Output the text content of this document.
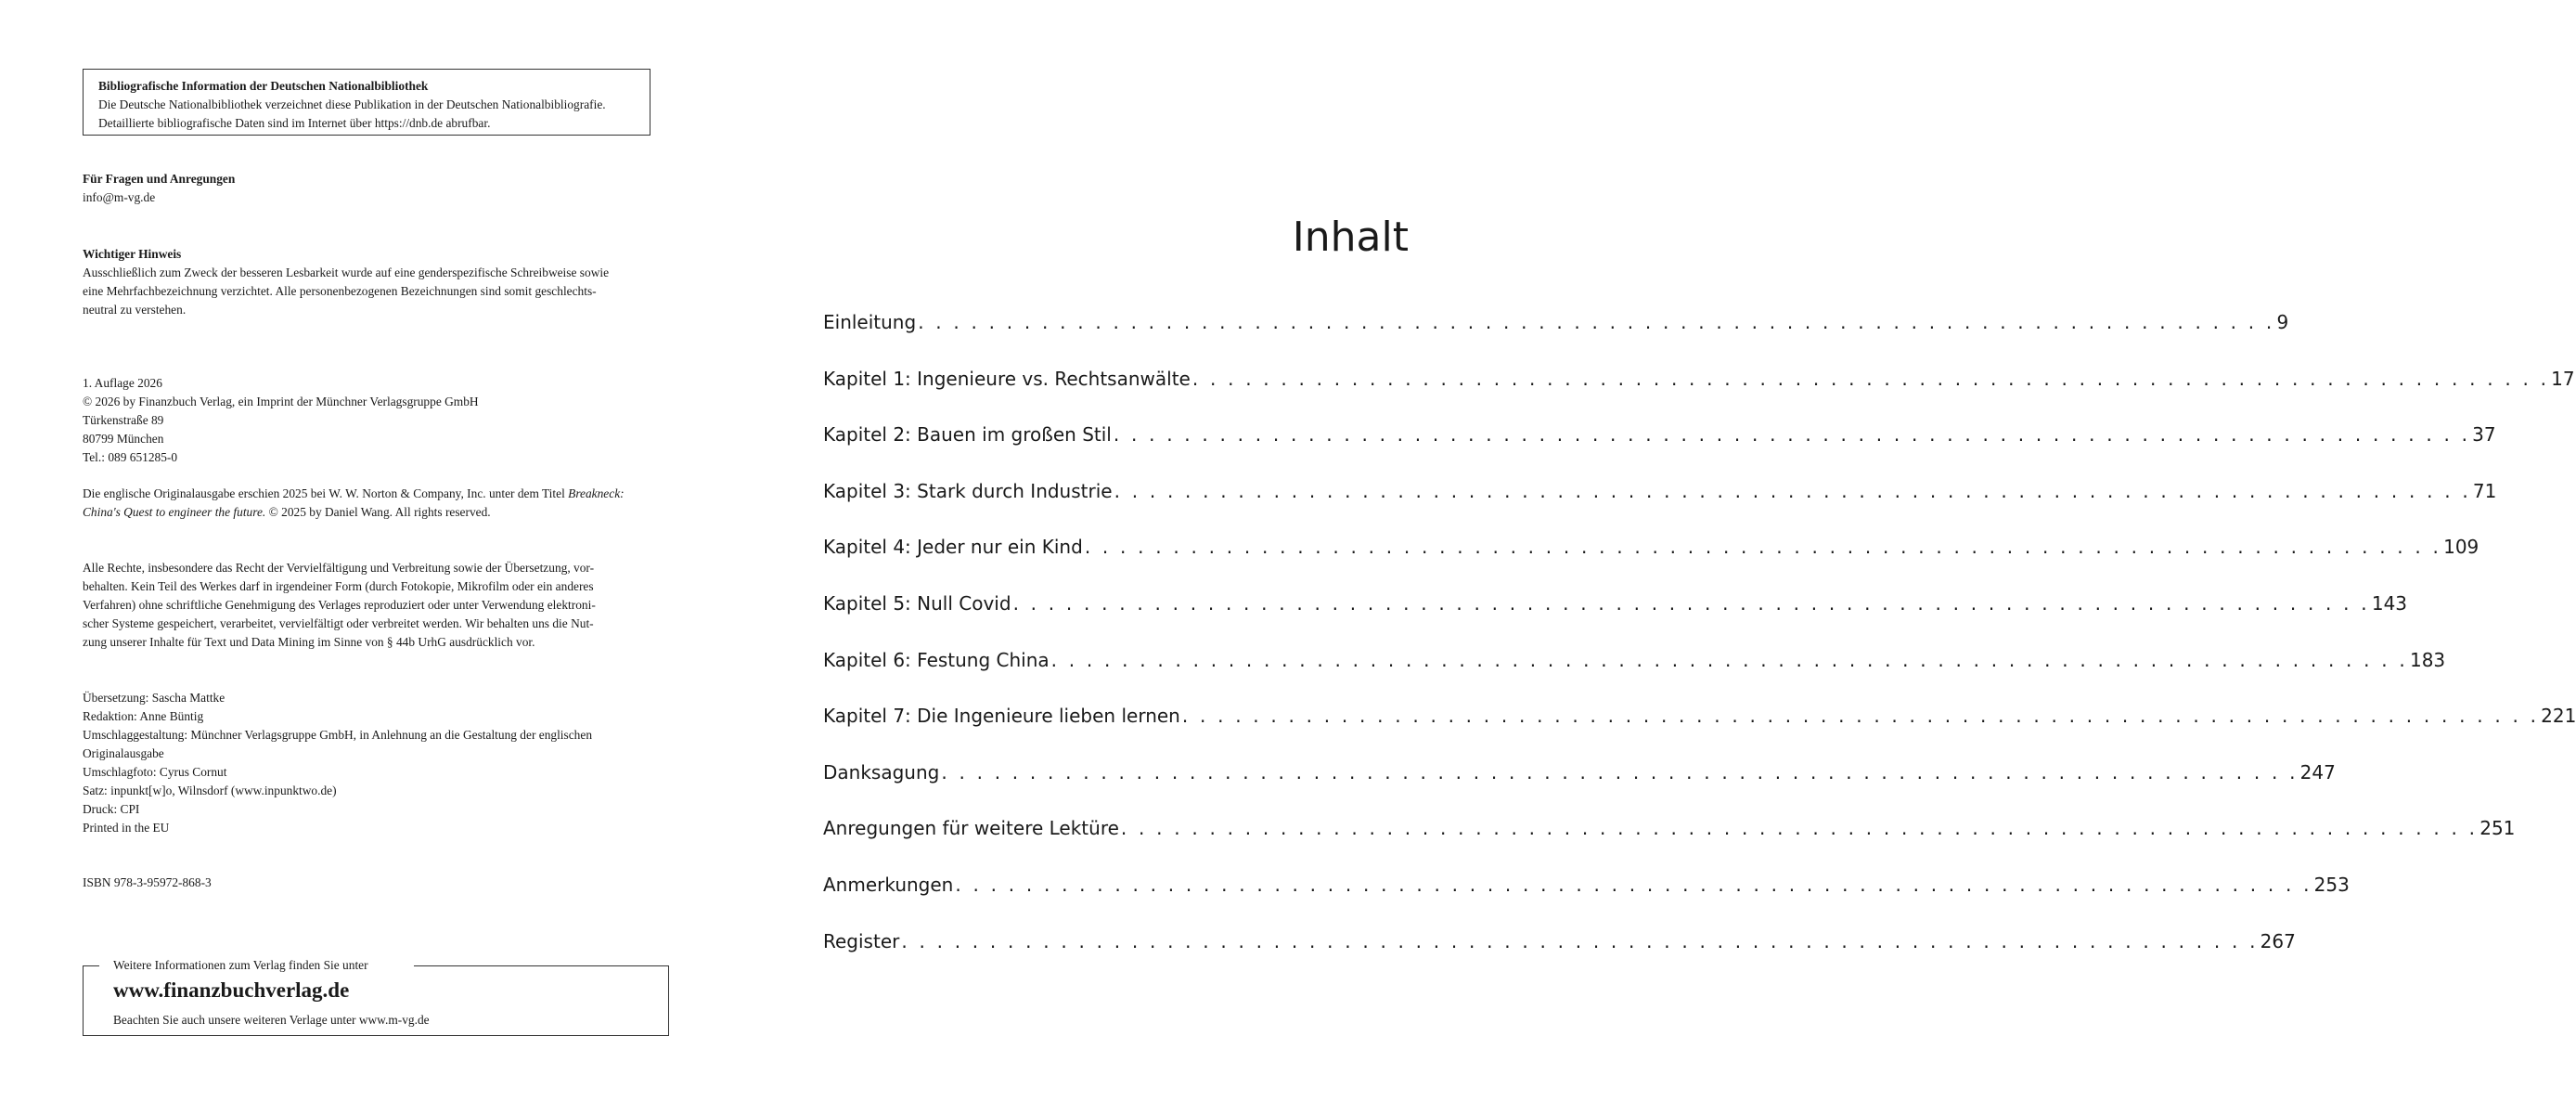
Bibliografische Information der Deutschen Nationalbibliothek
Die Deutsche Nationalbibliothek verzeichnet diese Publikation in der Deutschen Nationalbibliografie.
Detaillierte bibliografische Daten sind im Internet über https://dnb.de abrufbar.

Für Fragen und Anregungen

info@m-vg.de

Wichtiger Hinweis

Ausschließlich zum Zweck der besseren Lesbarkeit wurde auf eine genderspezifische Schreibweise sowie

eine Mehrfachbezeichnung verzichtet. Alle personenbezogenen Bezeichnungen sind somit geschlechts-

neutral zu verstehen.

1. Auflage 2026

© 2026 by Finanzbuch Verlag, ein Imprint der Münchner Verlagsgruppe GmbH

Türkenstraße 89

80799 München

Tel.: 089 651285-0

Die englische Originalausgabe erschien 2025 bei W. W. Norton & Company, Inc. unter dem Titel Breakneck:

China's Quest to engineer the future. © 2025 by Daniel Wang. All rights reserved.

Alle Rechte, insbesondere das Recht der Vervielfältigung und Verbreitung sowie der Übersetzung, vor-

behalten. Kein Teil des Werkes darf in irgendeiner Form (durch Fotokopie, Mikrofilm oder ein anderes

Verfahren) ohne schriftliche Genehmigung des Verlages reproduziert oder unter Verwendung elektroni-

scher Systeme gespeichert, verarbeitet, vervielfältigt oder verbreitet werden. Wir behalten uns die Nut-

zung unserer Inhalte für Text und Data Mining im Sinne von § 44b UrhG ausdrücklich vor.

Übersetzung: Sascha Mattke

Redaktion: Anne Büntig

Umschlaggestaltung: Münchner Verlagsgruppe GmbH, in Anlehnung an die Gestaltung der englischen

Originalausgabe

Umschlagfoto: Cyrus Cornut

Satz: inpunkt[w]o, Wilnsdorf (www.inpunktwo.de)

Druck: CPI

Printed in the EU

ISBN 978-3-95972-868-3
Weitere Informationen zum Verlag finden Sie unter
www.finanzbuchverlag.de
Beachten Sie auch unsere weiteren Verlage unter www.m-vg.de
Inhalt
Einleitung . . . . . . . . . . . . . . . . . . . . . . . . . . . . . . . . . . . . . . . . . . . . . . . . . . . . . . . . . . . . . . . . . . . . . . . . . . . . . 9
Kapitel 1: Ingenieure vs. Rechtsanwälte . . . . . . . . . . . . . . . . . . . . . . . . . . . . . . . . . . . . . . . . . . . . . . . . . . . . . . . . . . . . . . . . . . . . . . . . . . . . . 17
Kapitel 2: Bauen im großen Stil . . . . . . . . . . . . . . . . . . . . . . . . . . . . . . . . . . . . . . . . . . . . . . . . . . . . . . . . . . . . . . . . . . . . . . . . . . . . . 37
Kapitel 3: Stark durch Industrie . . . . . . . . . . . . . . . . . . . . . . . . . . . . . . . . . . . . . . . . . . . . . . . . . . . . . . . . . . . . . . . . . . . . . . . . . . . . . 71
Kapitel 4: Jeder nur ein Kind . . . . . . . . . . . . . . . . . . . . . . . . . . . . . . . . . . . . . . . . . . . . . . . . . . . . . . . . . . . . . . . . . . . . . . . . . . . . . 109
Kapitel 5: Null Covid . . . . . . . . . . . . . . . . . . . . . . . . . . . . . . . . . . . . . . . . . . . . . . . . . . . . . . . . . . . . . . . . . . . . . . . . . . . . . 143
Kapitel 6: Festung China . . . . . . . . . . . . . . . . . . . . . . . . . . . . . . . . . . . . . . . . . . . . . . . . . . . . . . . . . . . . . . . . . . . . . . . . . . . . . 183
Kapitel 7: Die Ingenieure lieben lernen . . . . . . . . . . . . . . . . . . . . . . . . . . . . . . . . . . . . . . . . . . . . . . . . . . . . . . . . . . . . . . . . . . . . . . . . . . . . . 221
Danksagung . . . . . . . . . . . . . . . . . . . . . . . . . . . . . . . . . . . . . . . . . . . . . . . . . . . . . . . . . . . . . . . . . . . . . . . . . . . . . 247
Anregungen für weitere Lektüre . . . . . . . . . . . . . . . . . . . . . . . . . . . . . . . . . . . . . . . . . . . . . . . . . . . . . . . . . . . . . . . . . . . . . . . . . . . . . 251
Anmerkungen . . . . . . . . . . . . . . . . . . . . . . . . . . . . . . . . . . . . . . . . . . . . . . . . . . . . . . . . . . . . . . . . . . . . . . . . . . . . . 253
Register . . . . . . . . . . . . . . . . . . . . . . . . . . . . . . . . . . . . . . . . . . . . . . . . . . . . . . . . . . . . . . . . . . . . . . . . . . . . . 267
